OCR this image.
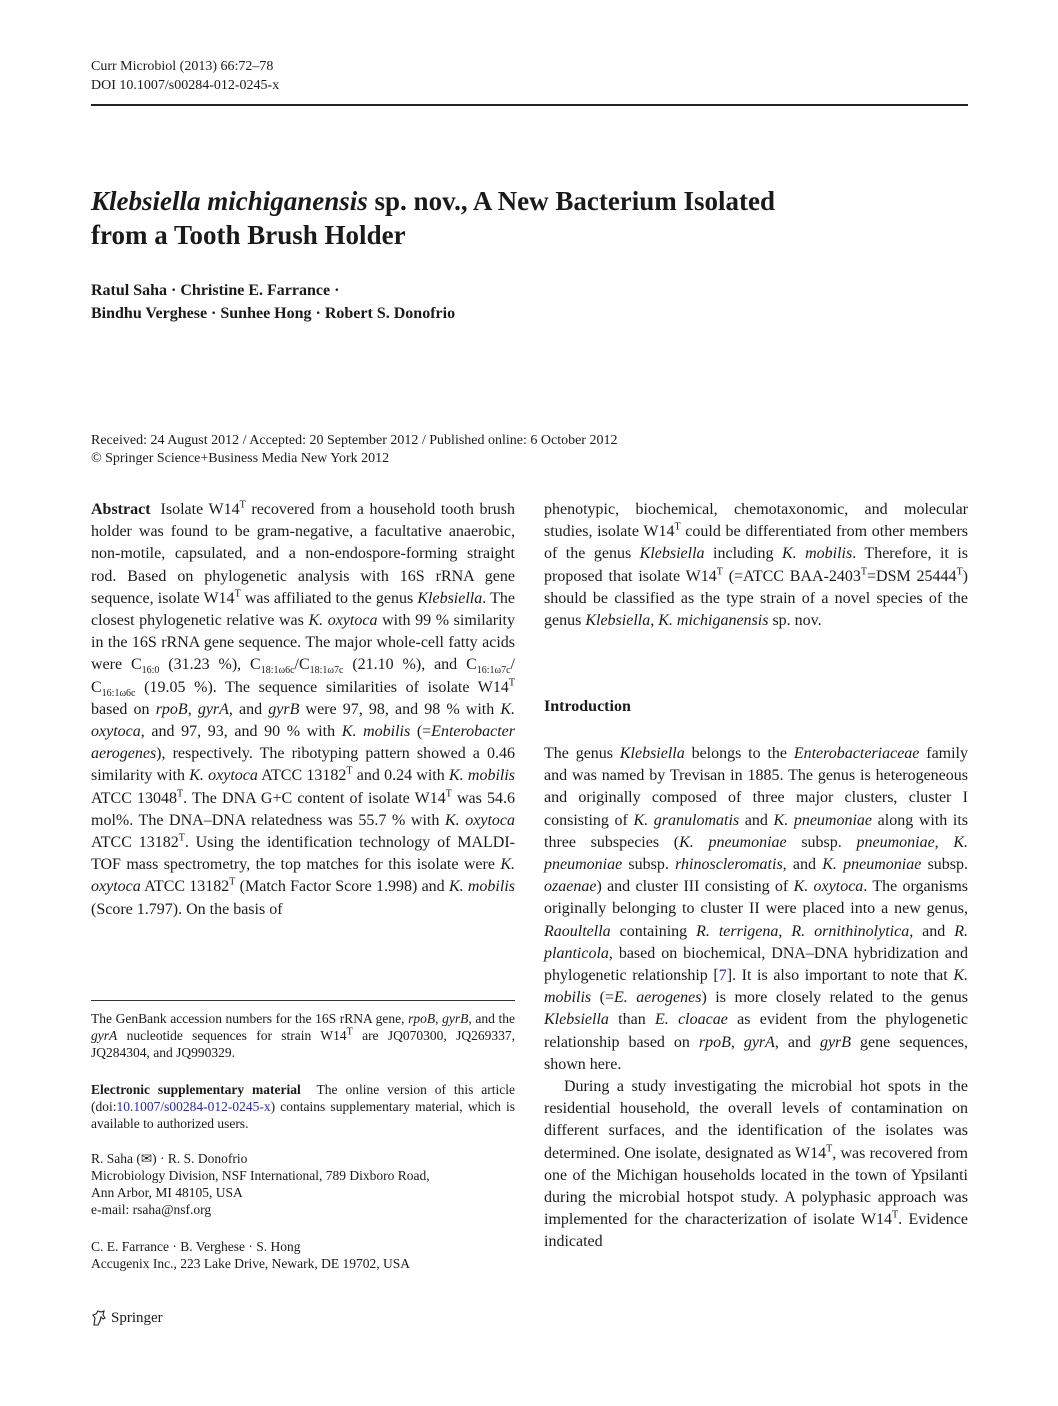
Curr Microbiol (2013) 66:72–78
DOI 10.1007/s00284-012-0245-x
Klebsiella michiganensis sp. nov., A New Bacterium Isolated
from a Tooth Brush Holder
Ratul Saha · Christine E. Farrance ·
Bindhu Verghese · Sunhee Hong · Robert S. Donofrio
Received: 24 August 2012 / Accepted: 20 September 2012 / Published online: 6 October 2012
© Springer Science+Business Media New York 2012

Abstract Isolate $W14^T$ recovered from a household tooth brush holder was found to be gram-negative, a facultative anaerobic, non-motile, capsulated, and a non-endospore-forming straight rod. Based on phylogenetic analysis with 16S rRNA gene sequence, isolate $W14^T$ was affiliated to the genus Klebsiella. The closest phylogenetic relative was K. oxytoca with 99 % similarity in the 16S rRNA gene sequence. The major whole-cell fatty acids were $C_{16:0}$ (31.23 %), $C_{18:1\omega 6c}/C_{18:1\omega 7c}$ (21.10 %), and $C_{16:1\omega 7c}/$ $C_{16:1\omega 6c}$ (19.05 %). The sequence similarities of isolate $W14^T$ based on rpoB, gyrA, and gyrB were 97, 98, and 98 % with K. oxytoca, and 97, 93, and 90 % with K. mobilis (=Enterobacter aerogenes), respectively. The ribotyping pattern showed a 0.46 similarity with K. oxytoca ATCC $13182^T$ and 0.24 with K. mobilis ATCC $13048^T$. The DNA G+C content of isolate $W14^T$ was 54.6 mol%. The DNA–DNA relatedness was 55.7 % with K. oxytoca ATCC $13182^T$. Using the identification technology of MALDI-TOF mass spectrometry, the top matches for this isolate were K. oxytoca ATCC $13182^T$ (Match Factor Score 1.998) and K. mobilis (Score 1.797). On the basis of

The GenBank accession numbers for the 16S rRNA gene, rpoB, gyrB, and the gyrA nucleotide sequences for strain $W14^T$ are JQ070300, JQ269337, JQ284304, and JQ990329.

Electronic supplementary material  The online version of this article (doi:10.1007/s00284-012-0245-x) contains supplementary material, which is available to authorized users.

R. Saha (✉) · R. S. Donofrio
Microbiology Division, NSF International, 789 Dixboro Road,
Ann Arbor, MI 48105, USA
e-mail: rsaha@nsf.org
C. E. Farrance · B. Verghese · S. Hong
Accugenix Inc., 223 Lake Drive, Newark, DE 19702, USA

phenotypic, biochemical, chemotaxonomic, and molecular studies, isolate $W14^T$ could be differentiated from other members of the genus Klebsiella including K. mobilis. Therefore, it is proposed that isolate $W14^T$ (=ATCC BAA-$2403^T=DSM$ $25444^T$) should be classified as the type strain of a novel species of the genus Klebsiella, K. michiganensis sp. nov.

Introduction

The genus Klebsiella belongs to the Enterobacteriaceae family and was named by Trevisan in 1885. The genus is heterogeneous and originally composed of three major clusters, cluster I consisting of K. granulomatis and K. pneumoniae along with its three subspecies (K. pneumoniae subsp. pneumoniae, K. pneumoniae subsp. rhinoscleromatis, and K. pneumoniae subsp. ozaenae) and cluster III consisting of K. oxytoca. The organisms originally belonging to cluster II were placed into a new genus, Raoultella containing R. terrigena, R. ornithinolytica, and R. planticola, based on biochemical, DNA–DNA hybridization and phylogenetic relationship [7]. It is also important to note that K. mobilis (=E. aerogenes) is more closely related to the genus Klebsiella than E. cloacae as evident from the phylogenetic relationship based on rpoB, gyrA, and gyrB gene sequences, shown here.

During a study investigating the microbial hot spots in the residential household, the overall levels of contamination on different surfaces, and the identification of the isolates was determined. One isolate, designated as $W14^T$, was recovered from one of the Michigan households located in the town of Ypsilanti during the microbial hotspot study. A polyphasic approach was implemented for the characterization of isolate $W14^T$. Evidence indicated

Springer
